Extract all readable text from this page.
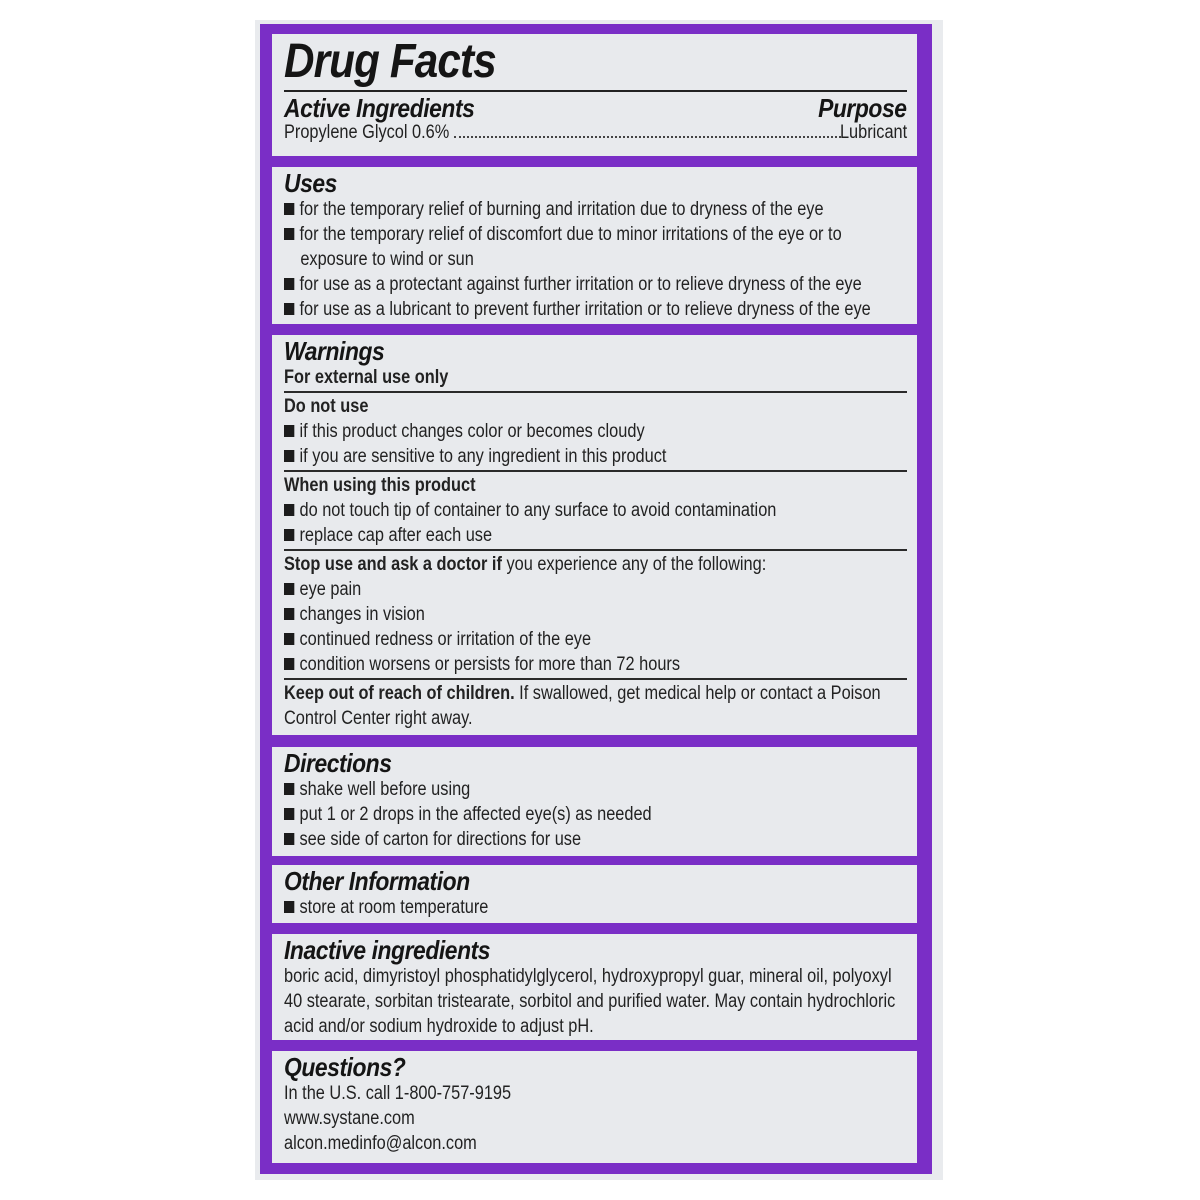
Drug Facts
Active Ingredients	Purpose
Propylene Glycol 0.6%	Lubricant
Uses
for the temporary relief of burning and irritation due to dryness of the eye
for the temporary relief of discomfort due to minor irritations of the eye or to
exposure to wind or sun
for use as a protectant against further irritation or to relieve dryness of the eye
for use as a lubricant to prevent further irritation or to relieve dryness of the eye
Warnings
For external use only
Do not use
if this product changes color or becomes cloudy
if you are sensitive to any ingredient in this product
When using this product
do not touch tip of container to any surface to avoid contamination
replace cap after each use
Stop use and ask a doctor if you experience any of the following:
eye pain
changes in vision
continued redness or irritation of the eye
condition worsens or persists for more than 72 hours
Keep out of reach of children. If swallowed, get medical help or contact a Poison Control Center right away.
Directions
shake well before using
put 1 or 2 drops in the affected eye(s) as needed
see side of carton for directions for use
Other Information
store at room temperature
Inactive ingredients
boric acid, dimyristoyl phosphatidylglycerol, hydroxypropyl guar, mineral oil, polyoxyl 40 stearate, sorbitan tristearate, sorbitol and purified water. May contain hydrochloric acid and/or sodium hydroxide to adjust pH.
Questions?
In the U.S. call 1-800-757-9195
www.systane.com
alcon.medinfo@alcon.com
